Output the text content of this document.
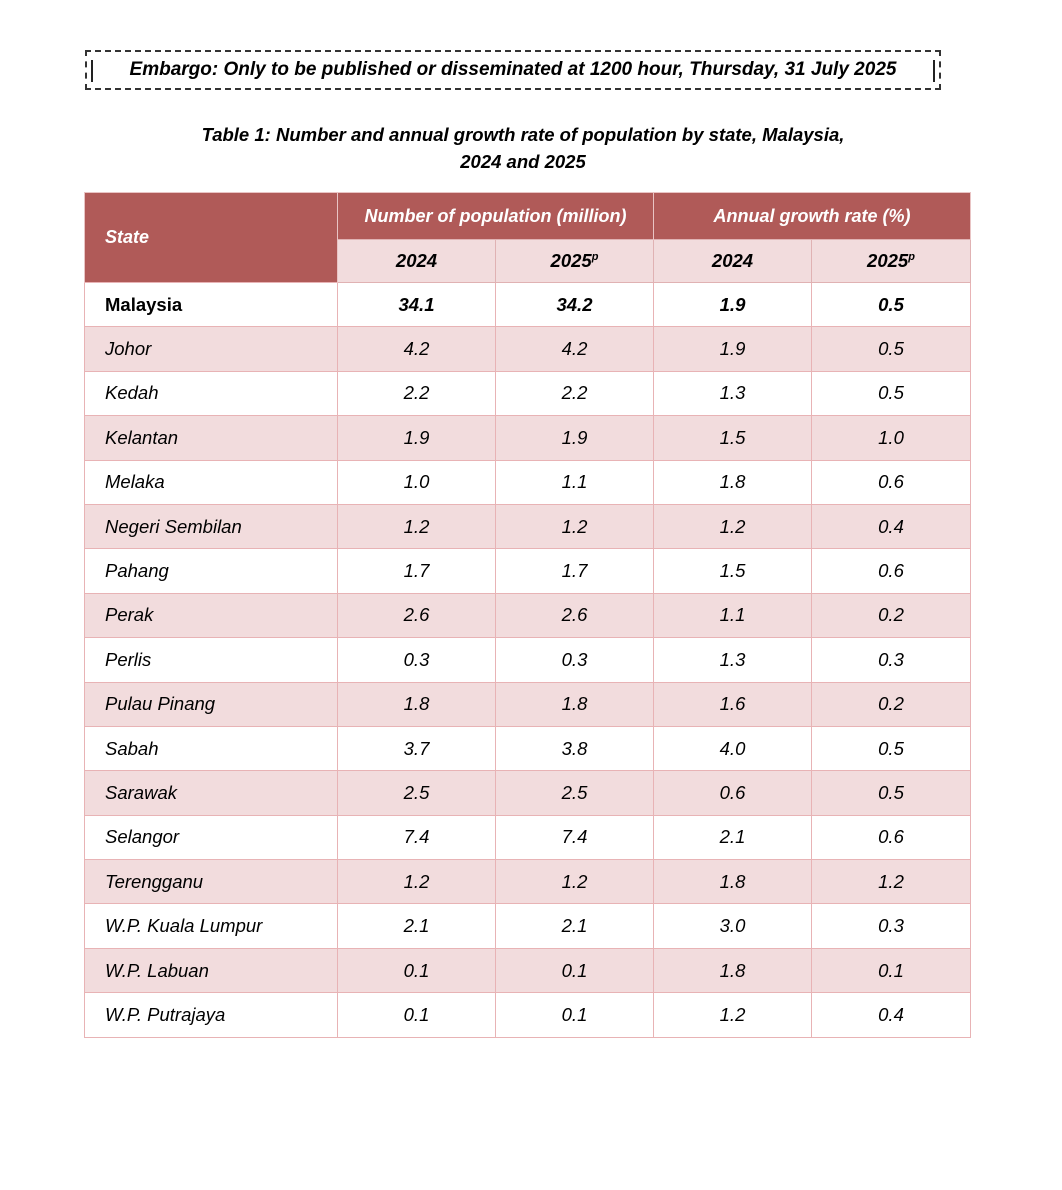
Embargo: Only to be published or disseminated at 1200 hour, Thursday, 31 July 2025
Table 1: Number and annual growth rate of population by state, Malaysia,
2024 and 2025
State	Number of population (million)		Annual growth rate (%)	
	2024	2025$^p$	2024	2025$^p$
Malaysia	34.1	34.2	1.9	0.5
Johor	4.2	4.2	1.9	0.5
Kedah	2.2	2.2	1.3	0.5
Kelantan	1.9	1.9	1.5	1.0
Melaka	1.0	1.1	1.8	0.6
Negeri Sembilan	1.2	1.2	1.2	0.4
Pahang	1.7	1.7	1.5	0.6
Perak	2.6	2.6	1.1	0.2
Perlis	0.3	0.3	1.3	0.3
Pulau Pinang	1.8	1.8	1.6	0.2
Sabah	3.7	3.8	4.0	0.5
Sarawak	2.5	2.5	0.6	0.5
Selangor	7.4	7.4	2.1	0.6
Terengganu	1.2	1.2	1.8	1.2
W.P. Kuala Lumpur	2.1	2.1	3.0	0.3
W.P. Labuan	0.1	0.1	1.8	0.1
W.P. Putrajaya	0.1	0.1	1.2	0.4
